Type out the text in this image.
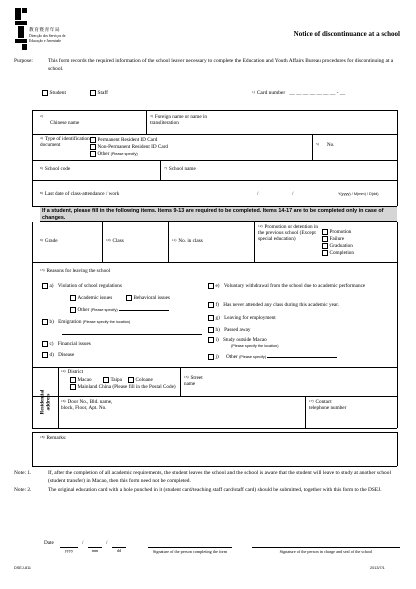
教育暨青年局
Direcção dos Serviços de
Educação e Juventude
Notice of discontinuance at a school
Purpose:	This form records the required information of the school leaver necessary to complete the Education and Youth Affairs Bureau procedures for discontinuing at a school.
Student	Staff	$^{1)}$ Card number __ __ __ __ __ __ __ - __
$^{2)}$
Chinese name
$^{3)}$ Foreign name or name in transliteration
$^{4)}$ Type of identification document
Permanent Resident ID Card
Non-Permanent Resident ID Card
Other (Please specify)
$^{5)}$ No.
$^{6)}$ School code	$^{7)}$ School name
$^{8)}$ Last date of class-attendance / work	/	/	Y(yyyy) / M(mm) / D(dd)
If a student, please fill in the following items. Items 9-13 are required to be completed. Items 14-17 are to be completed only in case of changes.
$^{9)}$ Grade	$^{10)}$ Class	$^{11)}$ No. in class
$^{12)}$ Promotion or detention in the previous school (Except special education)
Promotion
Failure
Graduation
Completion
$^{13)}$ Reasons for leaving the school
a) Violation of school regulations
Academic issues	Behavioral issues
Other (Please specify)
b) Emigration (Please specify the location)
c) Financial issues
d) Disease
e) Voluntary withdrawal from the school due to academic performance
f) Has never attended any class during this academic year.
g) Leaving for employment
h) Passed away
i) Study outside Macao
(Please specify the location)
j) Other (Please specify)
Residential address
$^{14)}$ District
Macao	Taipa	Coloane
Mainland China (Please fill in the Postal Code)
$^{15)}$ Street name
$^{16)}$ Door No., Bld. name, block, Floor, Apt. No.
$^{17)}$ Contact telephone number
$^{18)}$ Remarks:
Note: 1.	If, after the completion of all academic requirements, the student leaves the school and the school is aware that the student will leave to study at another school (student transfer) in Macao, then this form need not be completed.
Note: 2.	The original education card with a hole punched in it (student card/teaching staff card/staff card) should be submitted, together with this form to the DSEJ.
Date	/	/
yyyy	mm	dd	Signature of the person completing the form	Signature of the person in charge and seal of the school
DSEJ-811	2013/7/1
